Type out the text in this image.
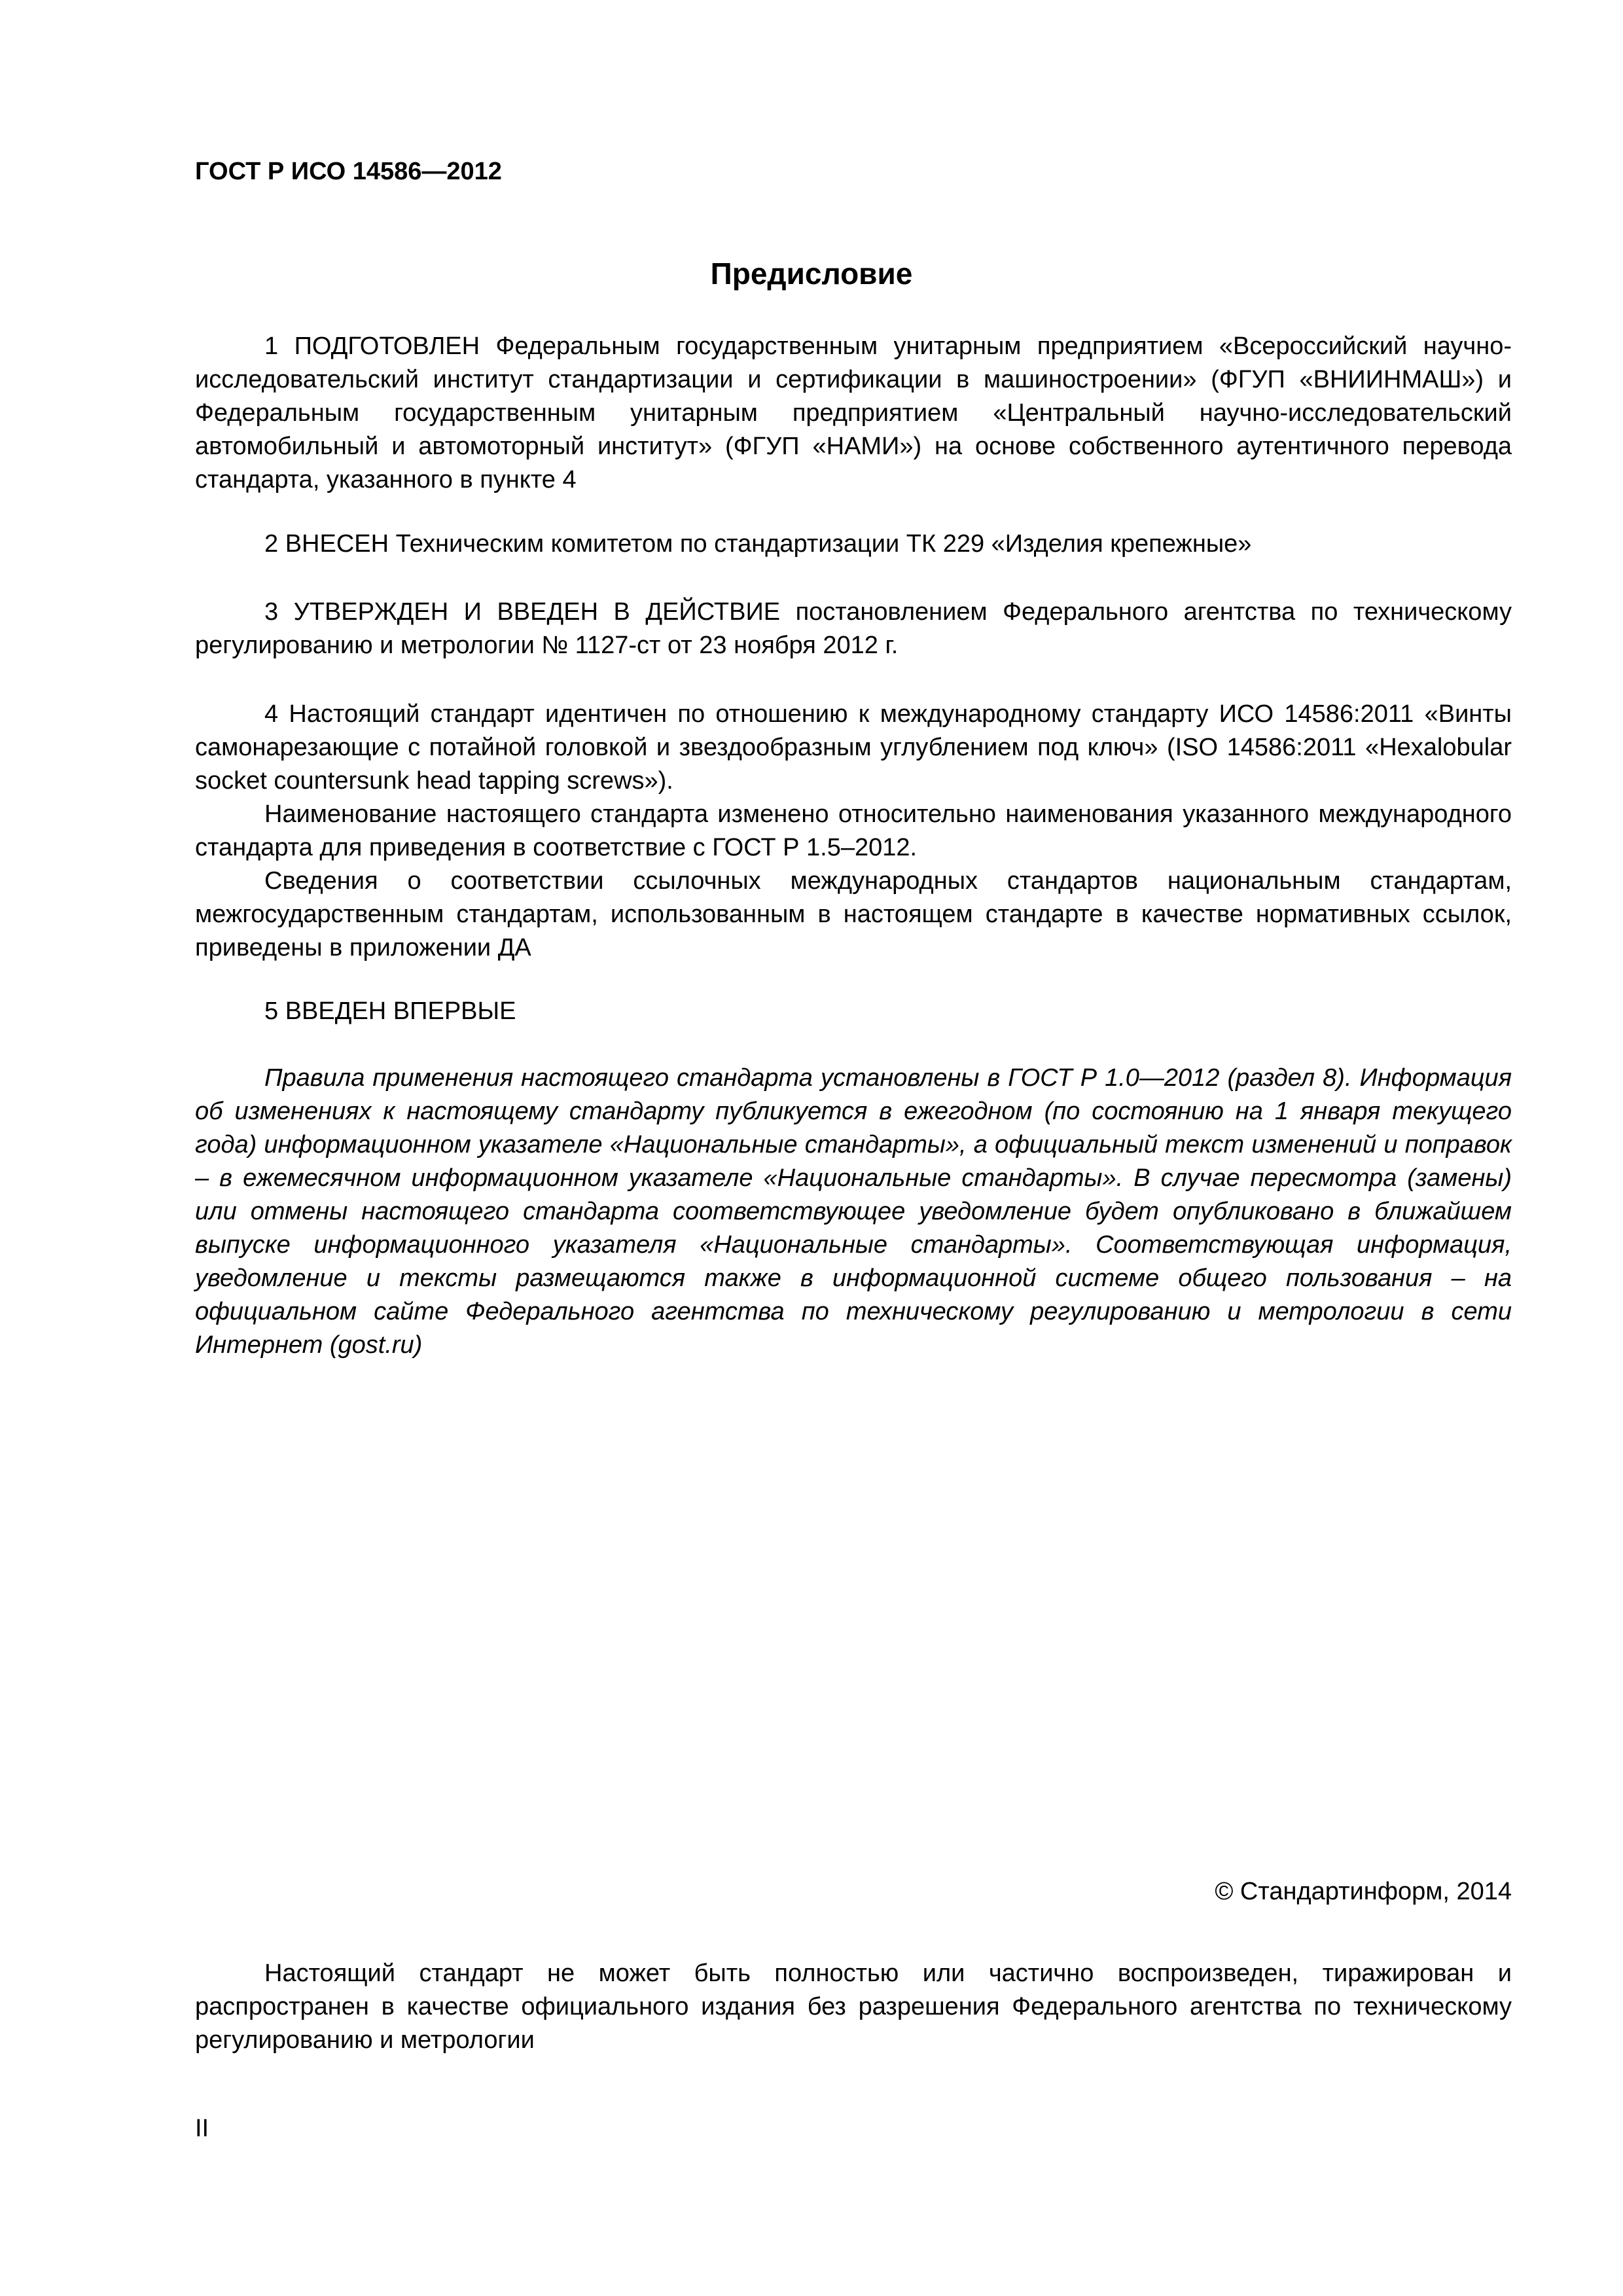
ГОСТ Р ИСО 14586—2012
Предисловие

1 ПОДГОТОВЛЕН Федеральным государственным унитарным предприятием «Всероссийский научно-исследовательский институт стандартизации и сертификации в машиностроении» (ФГУП «ВНИИНМАШ») и Федеральным государственным унитарным предприятием «Центральный научно-исследовательский автомобильный и автомоторный институт» (ФГУП «НАМИ») на основе собственного аутентичного перевода стандарта, указанного в пункте 4

2 ВНЕСЕН Техническим комитетом по стандартизации ТК 229 «Изделия крепежные»

3 УТВЕРЖДЕН И ВВЕДЕН В ДЕЙСТВИЕ постановлением Федерального агентства по техническому регулированию и метрологии № 1127-ст от 23 ноября 2012 г.

4 Настоящий стандарт идентичен по отношению к международному стандарту ИСО 14586:2011 «Винты самонарезающие с потайной головкой и звездообразным углублением под ключ» (ISO 14586:2011 «Hexalobular socket countersunk head tapping screws»).

Наименование настоящего стандарта изменено относительно наименования указанного международного стандарта для приведения в соответствие с ГОСТ Р 1.5–2012.

Сведения о соответствии ссылочных международных стандартов национальным стандартам, межгосударственным стандартам, использованным в настоящем стандарте в качестве нормативных ссылок, приведены в приложении ДА

5 ВВЕДЕН ВПЕРВЫЕ

Правила применения настоящего стандарта установлены в ГОСТ Р 1.0—2012 (раздел 8). Информация об изменениях к настоящему стандарту публикуется в ежегодном (по состоянию на 1 января текущего года) информационном указателе «Национальные стандарты», а официальный текст изменений и поправок – в ежемесячном информационном указателе «Национальные стандарты». В случае пересмотра (замены) или отмены настоящего стандарта соответствующее уведомление будет опубликовано в ближайшем выпуске информационного указателя «Национальные стандарты». Соответствующая информация, уведомление и тексты размещаются также в информационной системе общего пользования – на официальном сайте Федерального агентства по техническому регулированию и метрологии в сети Интернет (gost.ru)

© Стандартинформ, 2014

Настоящий стандарт не может быть полностью или частично воспроизведен, тиражирован и распространен в качестве официального издания без разрешения Федерального агентства по техническому регулированию и метрологии

II
